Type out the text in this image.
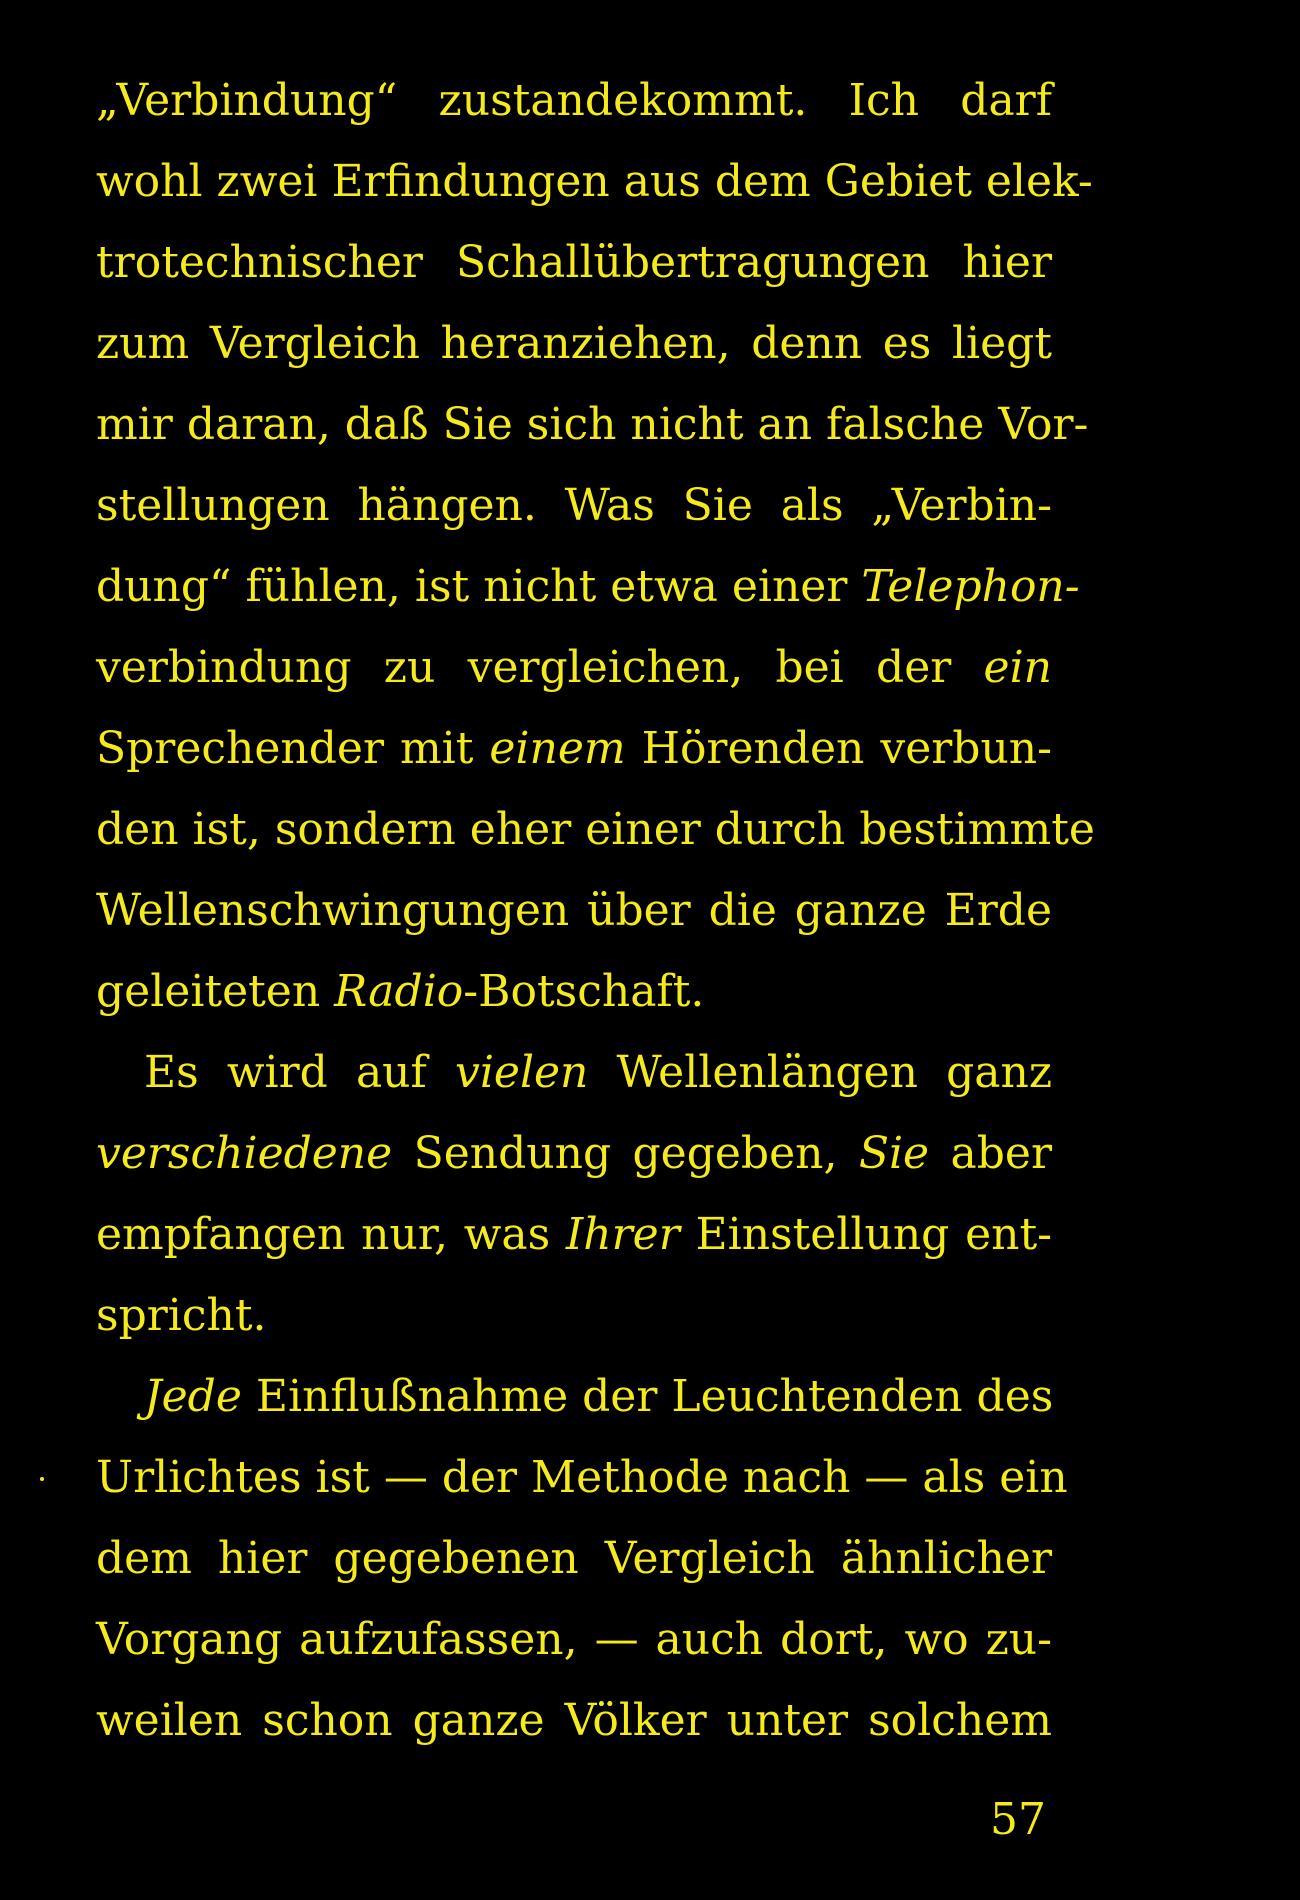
„Verbindung“ zustandekommt. Ich darf
wohl zwei Erfindungen aus dem Gebiet elek-
trotechnischer Schallübertragungen hier
zum Vergleich heranziehen, denn es liegt
mir daran, daß Sie sich nicht an falsche Vor-
stellungen hängen. Was Sie als „Verbin-
dung“ fühlen, ist nicht etwa einer Telephon-
verbindung zu vergleichen, bei der ein
Sprechender mit einem Hörenden verbun-
den ist, sondern eher einer durch bestimmte
Wellenschwingungen über die ganze Erde
geleiteten Radio-Botschaft.
Es wird auf vielen Wellenlängen ganz
verschiedene Sendung gegeben, Sie aber
empfangen nur, was Ihrer Einstellung ent-
spricht.
Jede Einflußnahme der Leuchtenden des
Urlichtes ist — der Methode nach — als ein
dem hier gegebenen Vergleich ähnlicher
Vorgang aufzufassen, — auch dort, wo zu-
weilen schon ganze Völker unter solchem
57
